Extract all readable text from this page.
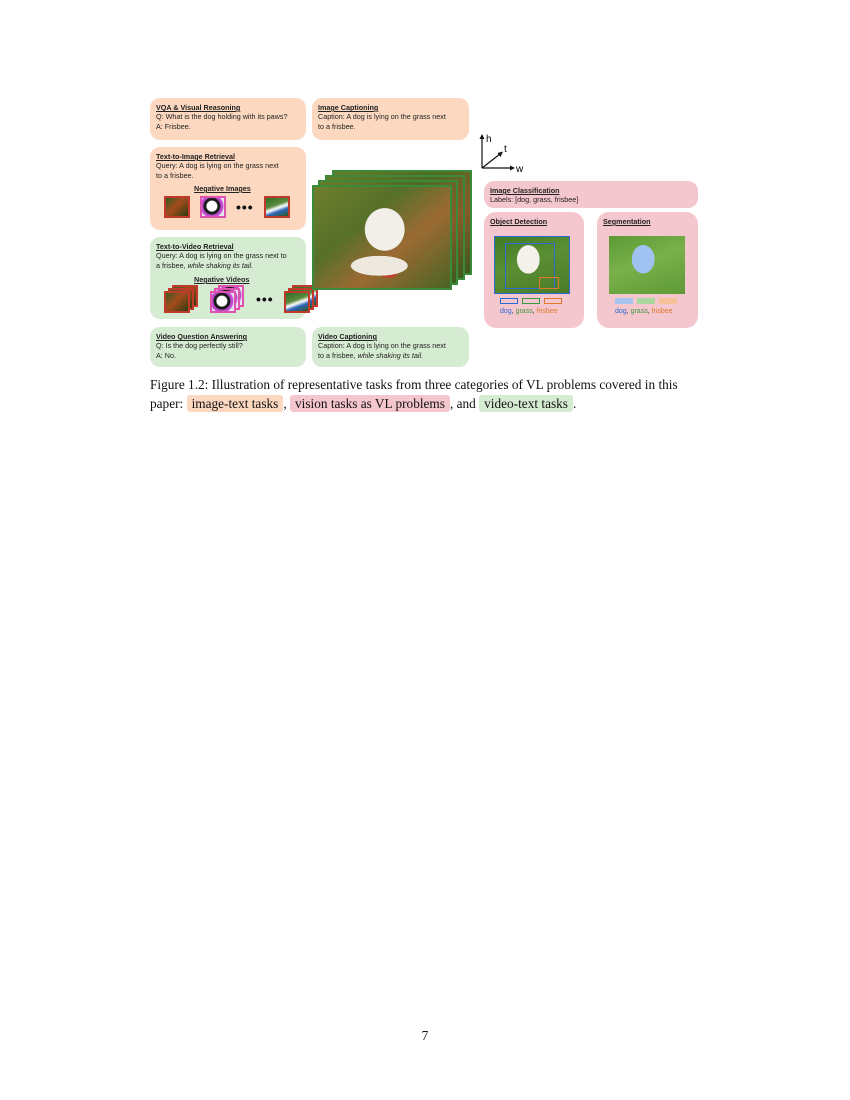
VQA & Visual Reasoning
Q: What is the dog holding with its paws?
A: Frisbee.
Image Captioning
Caption: A dog is lying on the grass next
to a frisbee.
Text-to-Image Retrieval
Query: A dog is lying on the grass next
to a frisbee.
Negative Images
•••
Text-to-Video Retrieval
Query: A dog is lying on the grass next to
a frisbee, while shaking its tail.
Negative Videos
•••
Video Question Answering
Q: Is the dog perfectly still?
A: No.
Video Captioning
Caption: A dog is lying on the grass next
to a frisbee, while shaking its tail.
h
t
w
Image Classification
Labels: [dog, grass, frisbee]
Object Detection
dog, grass, frisbee
Segmentation
dog, grass, frisbee
Figure 1.2: Illustration of representative tasks from three categories of VL problems covered in this
paper: image-text tasks , vision tasks as VL problems , and video-text tasks .
7
